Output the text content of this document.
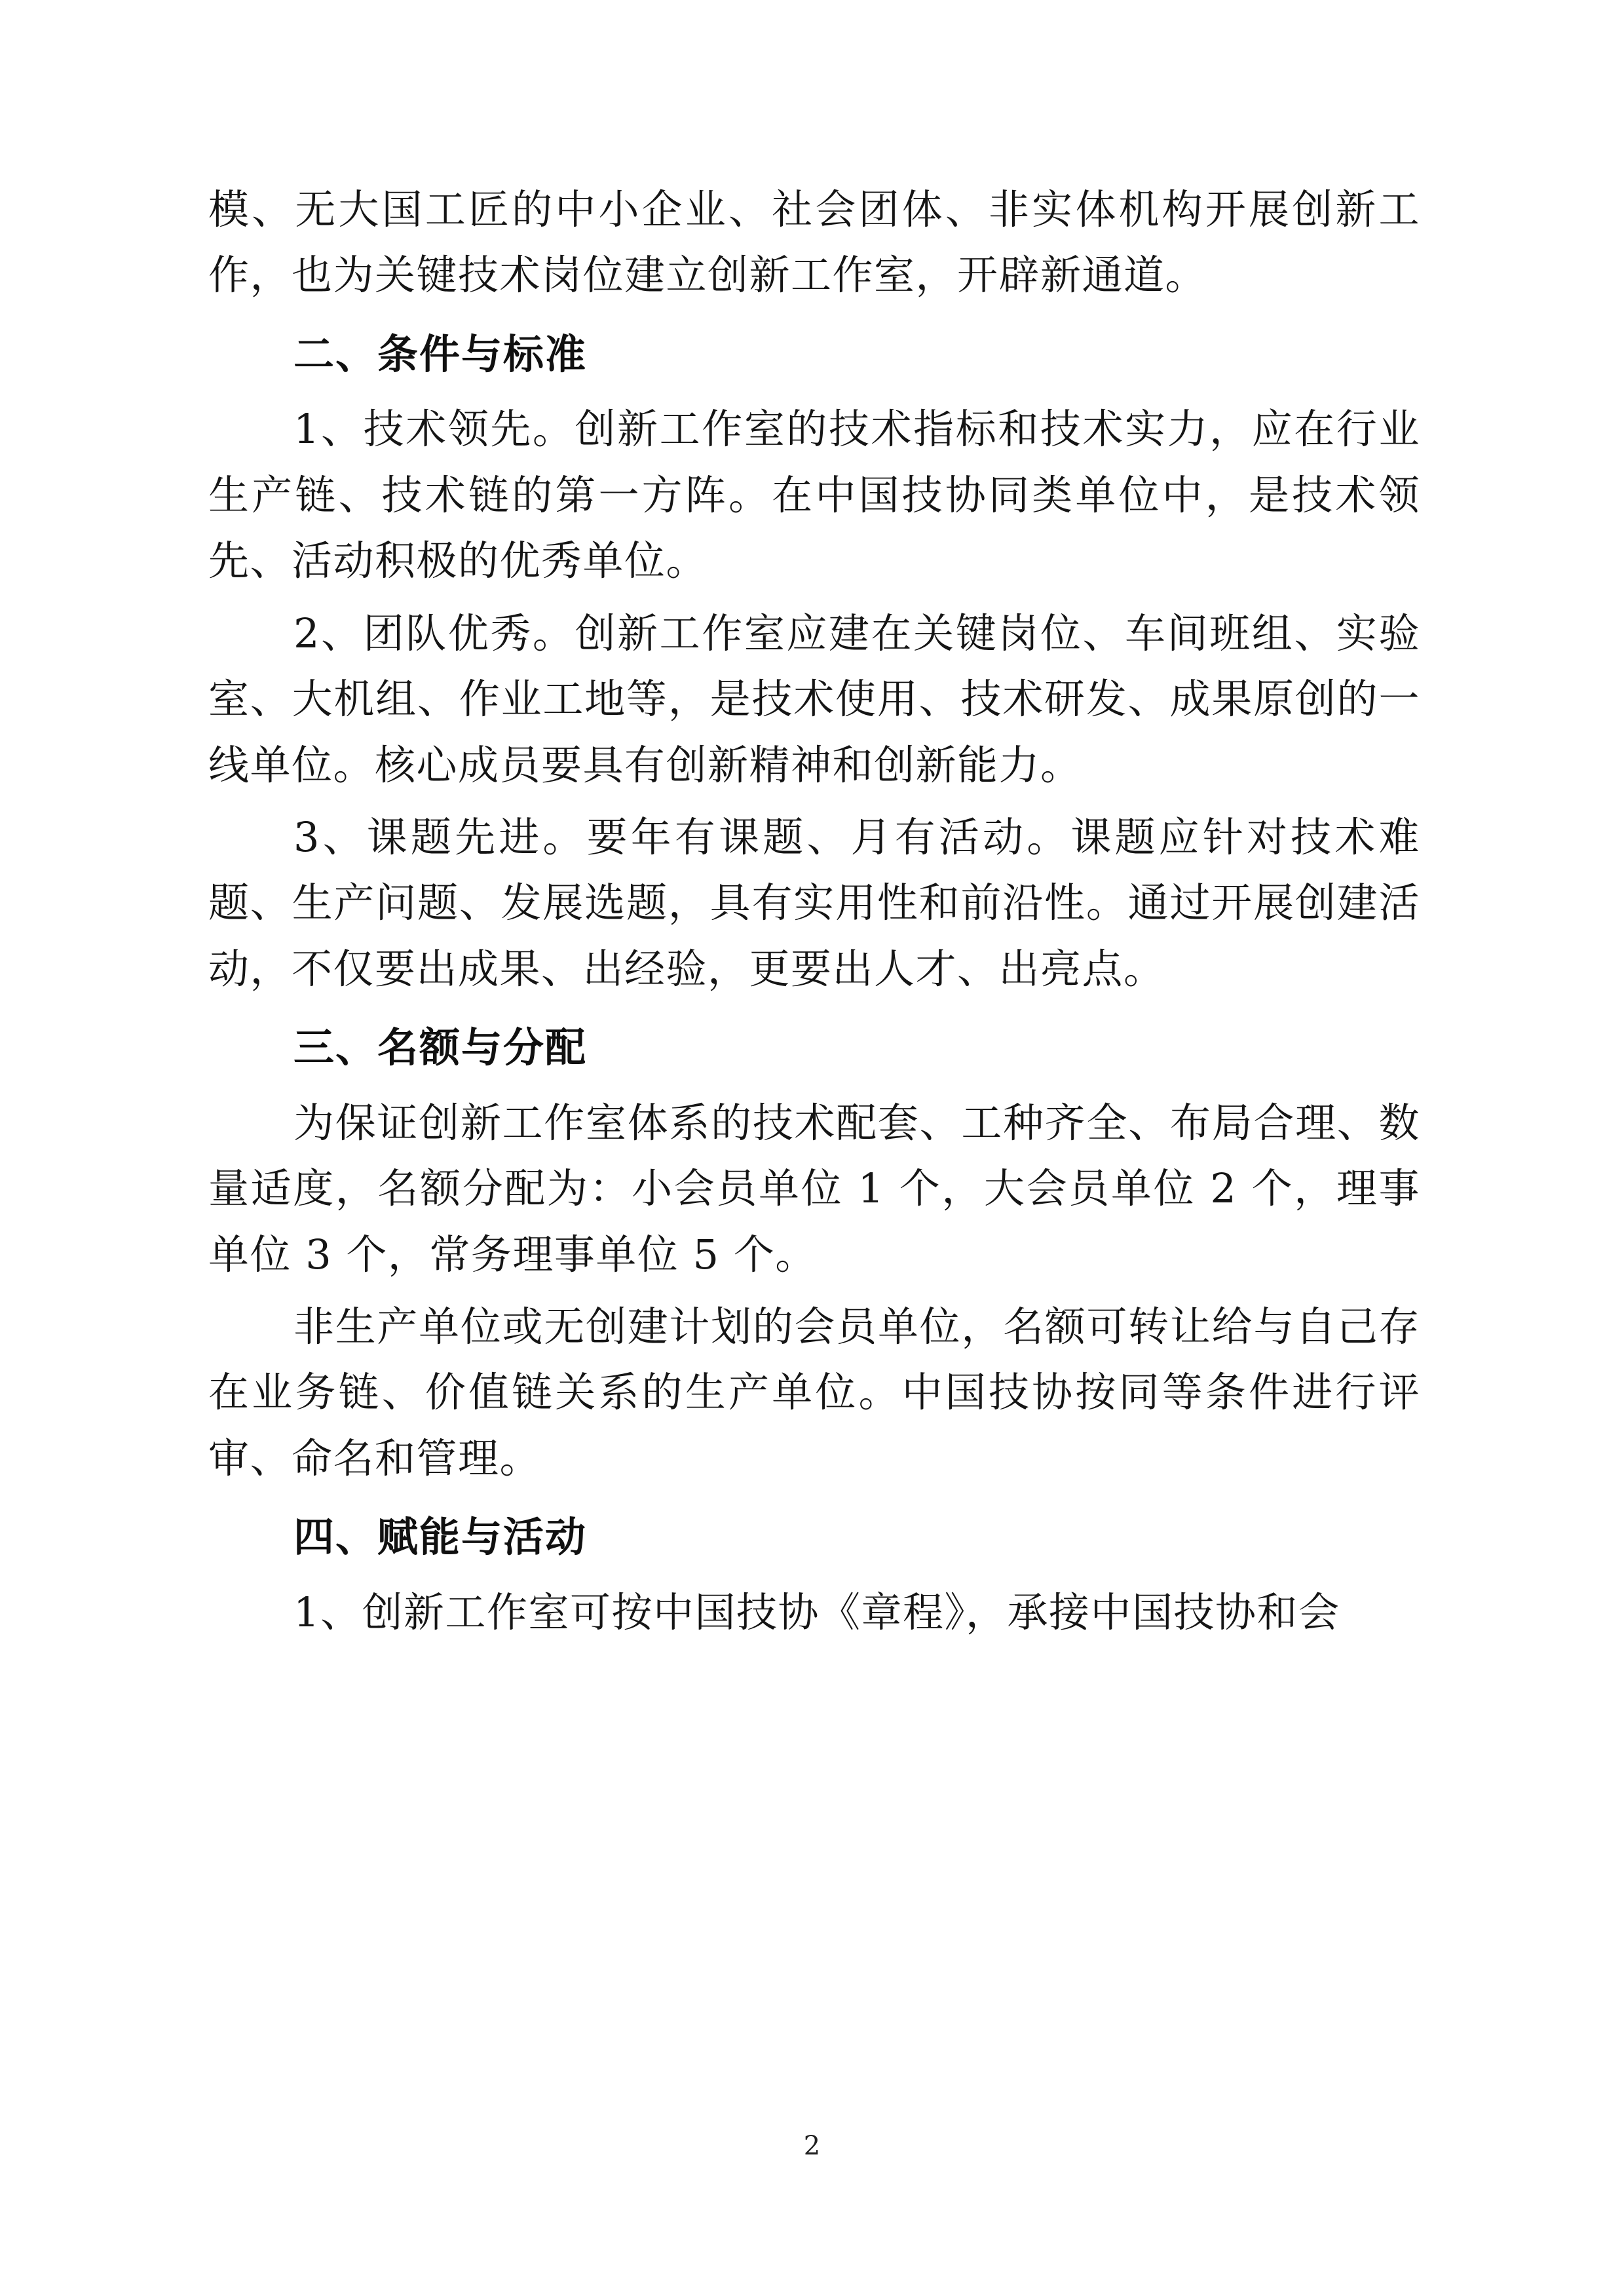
模、无大国工匠的中小企业、社会团体、非实体机构开展创新工作，也为关键技术岗位建立创新工作室，开辟新通道。

二、条件与标准

1、技术领先。创新工作室的技术指标和技术实力，应在行业生产链、技术链的第一方阵。在中国技协同类单位中，是技术领先、活动积极的优秀单位。

2、团队优秀。创新工作室应建在关键岗位、车间班组、实验室、大机组、作业工地等，是技术使用、技术研发、成果原创的一线单位。核心成员要具有创新精神和创新能力。

3、课题先进。要年有课题、月有活动。课题应针对技术难题、生产问题、发展选题，具有实用性和前沿性。通过开展创建活动，不仅要出成果、出经验，更要出人才、出亮点。

三、名额与分配

为保证创新工作室体系的技术配套、工种齐全、布局合理、数量适度，名额分配为：小会员单位 1 个，大会员单位 2 个，理事单位 3 个，常务理事单位 5 个。

非生产单位或无创建计划的会员单位，名额可转让给与自己存在业务链、价值链关系的生产单位。中国技协按同等条件进行评审、命名和管理。

四、赋能与活动

1、创新工作室可按中国技协《章程》，承接中国技协和会

2
